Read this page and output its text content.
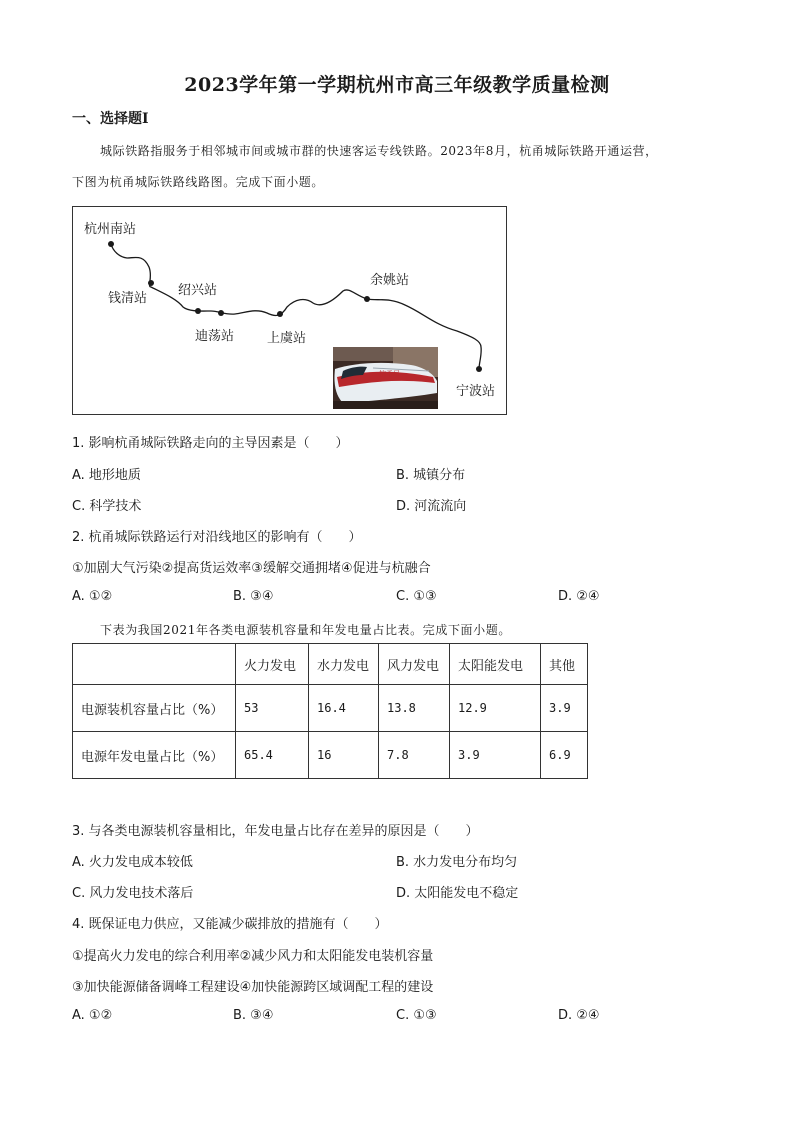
2023学年第一学期杭州市高三年级教学质量检测
一、选择题Ⅰ
城际铁路指服务于相邻城市间或城市群的快速客运专线铁路。2023年8月，杭甬城际铁路开通运营，
下图为杭甬城际铁路线路图。完成下面小题。
杭州南站
钱清站
绍兴站
迪荡站	上虞站
余姚站
宁波站
杭甬号
1. 影响杭甬城际铁路走向的主导因素是（　　）
A. 地形地质	B. 城镇分布
C. 科学技术	D. 河流流向
2. 杭甬城际铁路运行对沿线地区的影响有（　　）
①加剧大气污染②提高货运效率③缓解交通拥堵④促进与杭融合
A. ①②	B. ③④	C. ①③	D. ②④
下表为我国2021年各类电源装机容量和年发电量占比表。完成下面小题。
	火力发电	水力发电	风力发电	太阳能发电	其他
电源装机容量占比（%）	53	16.4	13.8	12.9	3.9
电源年发电量占比（%）	65.4	16	7.8	3.9	6.9
3. 与各类电源装机容量相比，年发电量占比存在差异的原因是（　　）
A. 火力发电成本较低	B. 水力发电分布均匀
C. 风力发电技术落后	D. 太阳能发电不稳定
4. 既保证电力供应，又能减少碳排放的措施有（　　）
①提高火力发电的综合利用率②减少风力和太阳能发电装机容量
③加快能源储备调峰工程建设④加快能源跨区域调配工程的建设
A. ①②	B. ③④	C. ①③	D. ②④
